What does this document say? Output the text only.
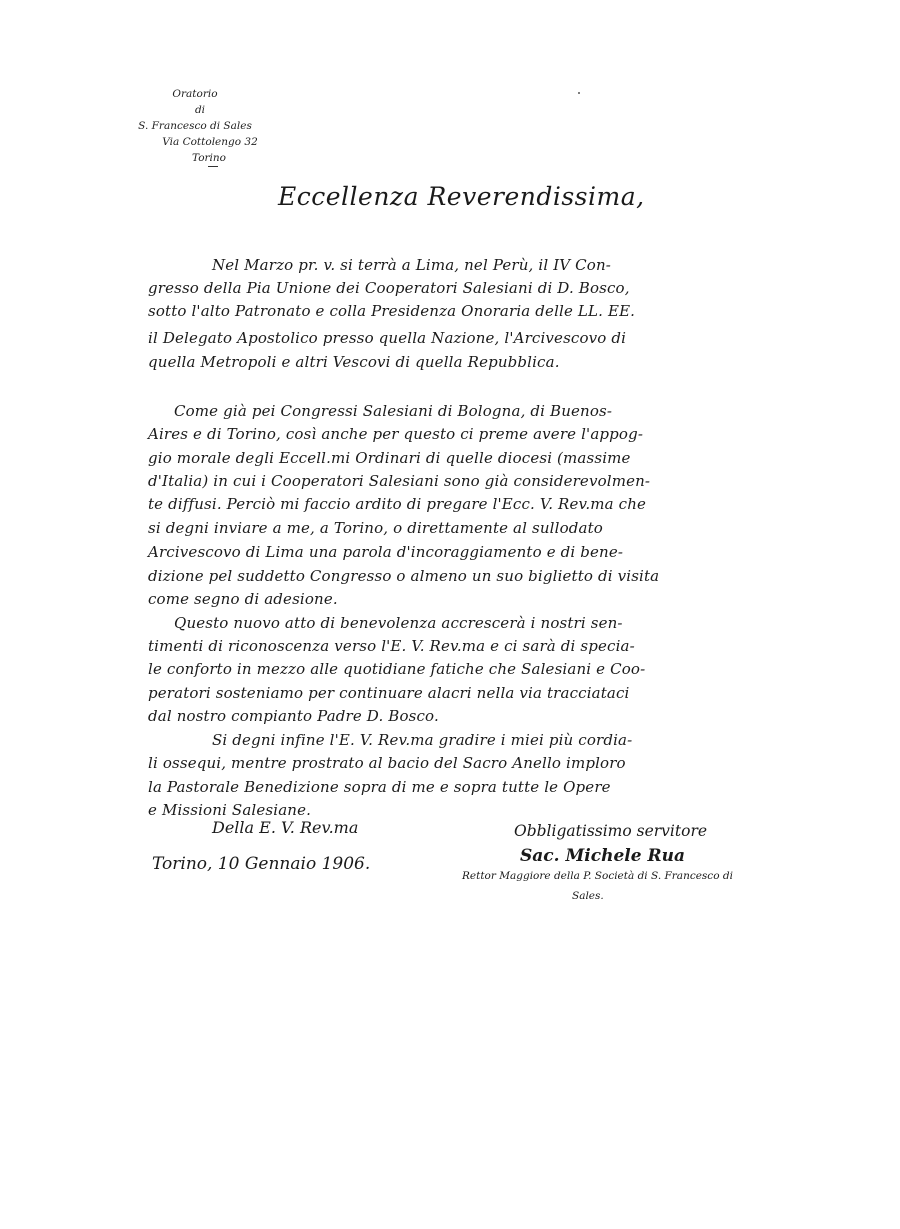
Oratorio
di
S. Francesco di Sales
Via Cottolengo 32
Torino
Eccellenza Reverendissima,
Nel Marzo pr. v. si terrà a Lima, nel Perù, il IV Con-
gresso della Pia Unione dei Cooperatori Salesiani di D. Bosco,
sotto l'alto Patronato e colla Presidenza Onoraria delle LL. EE.
il Delegato Apostolico presso quella Nazione, l'Arcivescovo di
quella Metropoli e altri Vescovi di quella Repubblica.
Come già pei Congressi Salesiani di Bologna, di Buenos-
Aires e di Torino, così anche per questo ci preme avere l'appog-
gio morale degli Eccell.mi Ordinari di quelle diocesi (massime
d'Italia) in cui i Cooperatori Salesiani sono già considerevolmen-
te diffusi. Perciò mi faccio ardito di pregare l'Ecc. V. Rev.ma che
si degni inviare a me, a Torino, o direttamente al sullodato
Arcivescovo di Lima una parola d'incoraggiamento e di bene-
dizione pel suddetto Congresso o almeno un suo biglietto di visita
come segno di adesione.
Questo nuovo atto di benevolenza accrescerà i nostri sen-
timenti di riconoscenza verso l'E. V. Rev.ma e ci sarà di specia-
le conforto in mezzo alle quotidiane fatiche che Salesiani e Coo-
peratori sosteniamo per continuare alacri nella via tracciataci
dal nostro compianto Padre D. Bosco.
Si degni infine l'E. V. Rev.ma gradire i miei più cordia-
li ossequi, mentre prostrato al bacio del Sacro Anello imploro
la Pastorale Benedizione sopra di me e sopra tutte le Opere
e Missioni Salesiane.
Della E. V. Rev.ma
Torino, 10 Gennaio 1906.
Obbligatissimo servitore
Sac. Michele Rua
Rettor Maggiore della P. Società di S. Francesco di
Sales.
